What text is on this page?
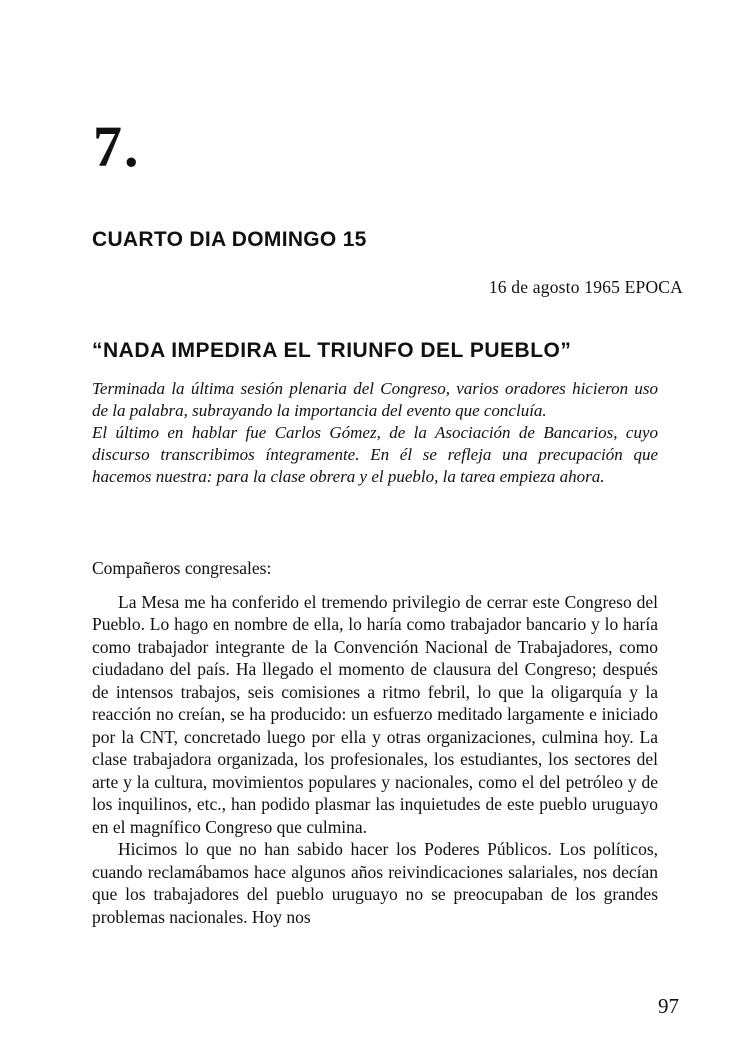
7.
CUARTO DIA DOMINGO 15
16 de agosto 1965 EPOCA
“NADA IMPEDIRA EL TRIUNFO DEL PUEBLO”

Terminada la última sesión plenaria del Congreso, varios oradores hicieron uso de la palabra, subrayando la importancia del evento que concluía.

El último en hablar fue Carlos Gómez, de la Asociación de Bancarios, cuyo discurso transcribimos íntegramente. En él se refleja una precupación que hacemos nuestra: para la clase obrera y el pueblo, la tarea empieza ahora.

Compañeros congresales:

La Mesa me ha conferido el tremendo privilegio de cerrar este Congreso del Pueblo. Lo hago en nombre de ella, lo haría como trabajador bancario y lo haría como trabajador integrante de la Convención Nacional de Trabajadores, como ciudadano del país. Ha llegado el momento de clausura del Congreso; después de intensos trabajos, seis comisiones a ritmo febril, lo que la oligarquía y la reacción no creían, se ha producido: un esfuerzo meditado largamente e iniciado por la CNT, concretado luego por ella y otras organizaciones, culmina hoy. La clase trabajadora organizada, los profesionales, los estudiantes, los sectores del arte y la cultura, movimientos populares y nacionales, como el del petróleo y de los inquilinos, etc., han podido plasmar las inquietudes de este pueblo uruguayo en el magnífico Congreso que culmina.

Hicimos lo que no han sabido hacer los Poderes Públicos. Los políticos, cuando reclamábamos hace algunos años reivindicaciones salariales, nos decían que los trabajadores del pueblo uruguayo no se preocupaban de los grandes problemas nacionales. Hoy nos

97
